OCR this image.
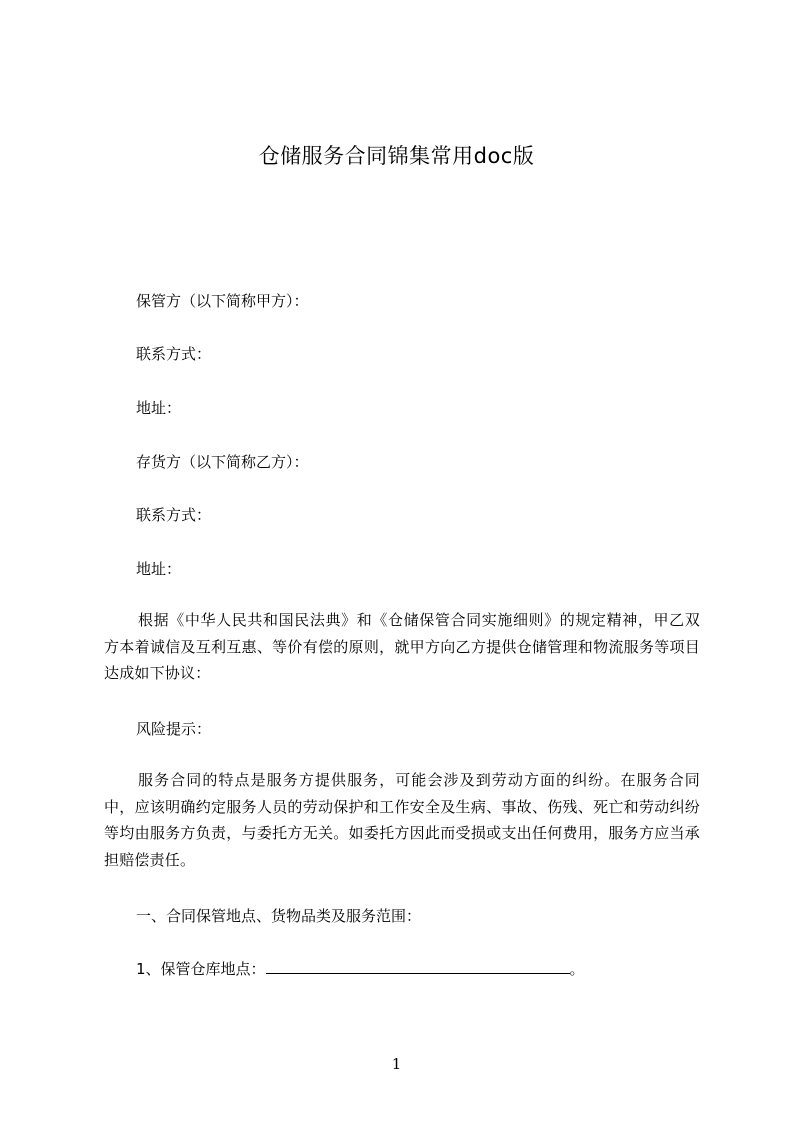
仓储服务合同锦集常用doc版
保管方（以下简称甲方）：
联系方式：
地址：
存货方（以下简称乙方）：
联系方式：
地址：
根据《中华人民共和国民法典》和《仓储保管合同实施细则》的规定精神，甲乙双方本着诚信及互利互惠、等价有偿的原则，就甲方向乙方提供仓储管理和物流服务等项目达成如下协议：
风险提示：
服务合同的特点是服务方提供服务，可能会涉及到劳动方面的纠纷。在服务合同中，应该明确约定服务人员的劳动保护和工作安全及生病、事故、伤残、死亡和劳动纠纷等均由服务方负责，与委托方无关。如委托方因此而受损或支出任何费用，服务方应当承担赔偿责任。
一、合同保管地点、货物品类及服务范围：
1、保管仓库地点：	。
1
